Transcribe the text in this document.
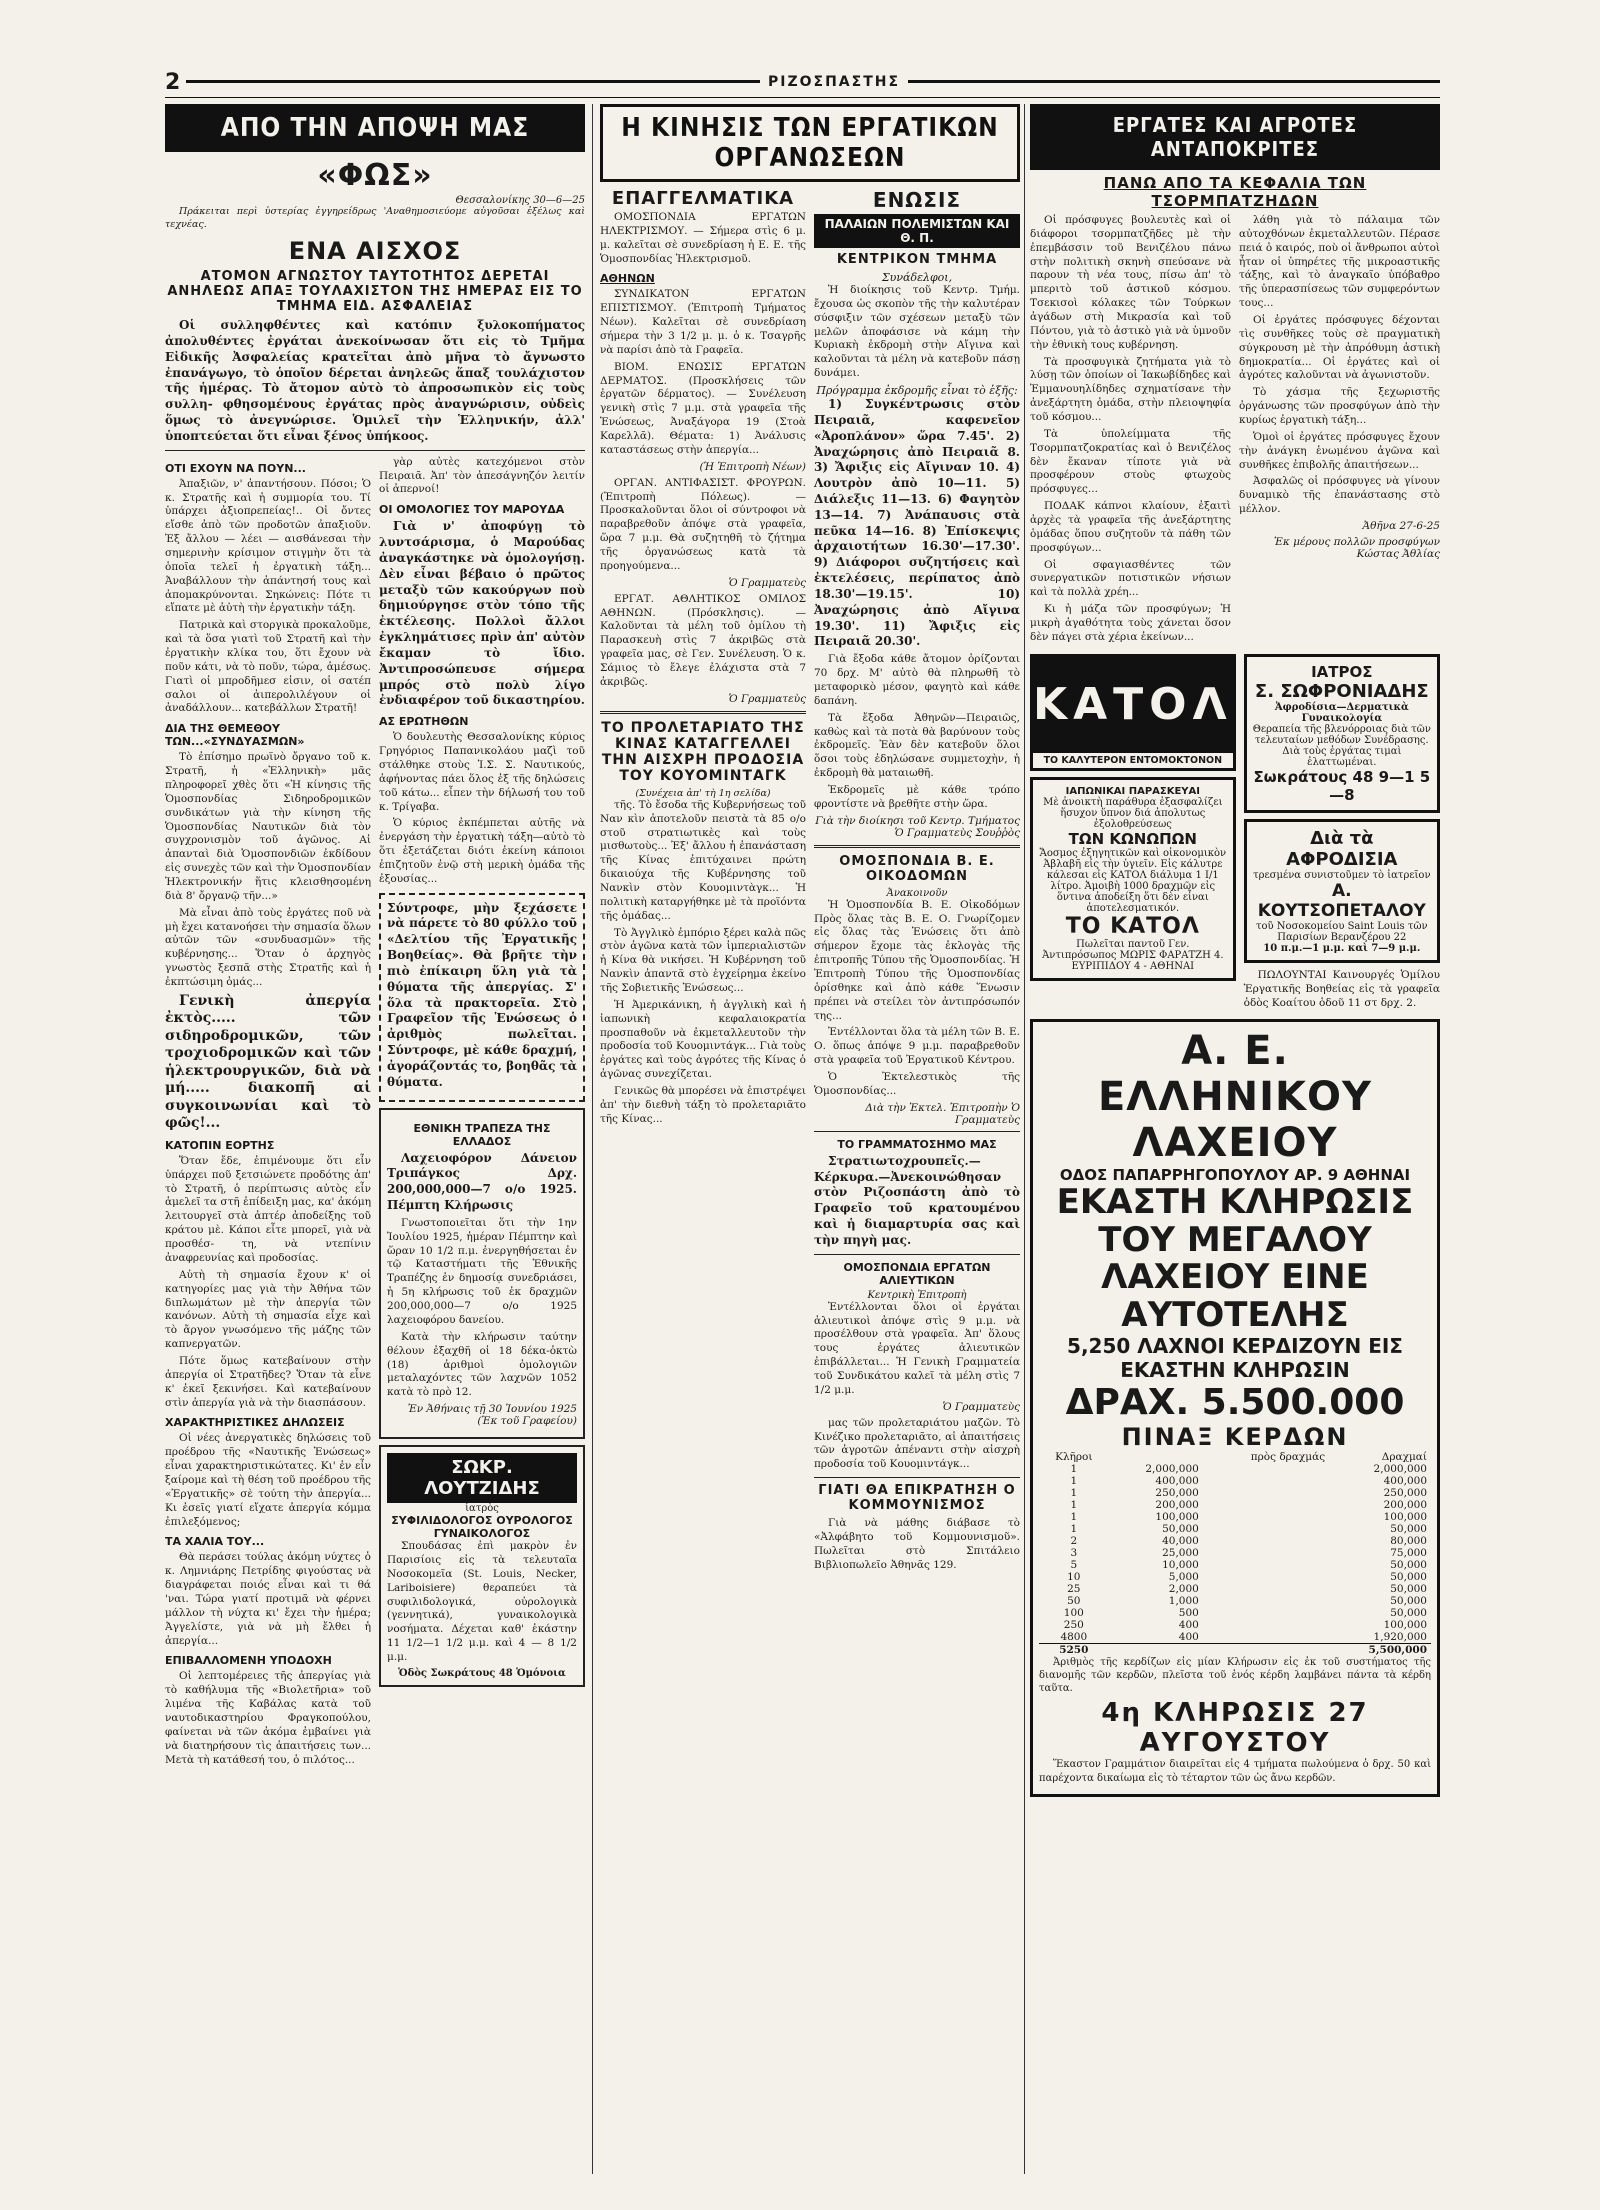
2	ΡΙΖΟΣΠΑΣΤΗΣ
ΑΠΟ ΤΗΝ ΑΠΟΨΗ ΜΑΣ
«ΦΩΣ»
Θεσσαλονίκης 30—6—25

Πράκειται περὶ ὑστερίας ἐγγηρείδρως 'Αναθημοσιεύομε αὐγοῦσαι ἐξέλως καὶ τεχνέας.

ΕΝΑ ΑΙΣΧΟΣ
ΑΤΟΜΟΝ ΑΓΝΩΣΤΟΥ ΤΑΥΤΟΤΗΤΟΣ ΔΕΡΕΤΑΙ ΑΝΗΛΕΩΣ ΑΠΑΞ ΤΟΥΛΑΧΙΣΤΟΝ ΤΗΣ ΗΜΕΡΑΣ ΕΙΣ ΤΟ ΤΜΗΜΑ ΕΙΔ. ΑΣΦΑΛΕΙΑΣ

Οἱ συλληφθέντες καὶ κατόπιν ξυλοκοπήματος ἀπολυθέντες ἐργάται ἀνεκοίνωσαν ὅτι εἰς τὸ Τμῆμα Εἰδικῆς Ἀσφαλείας κρατεῖται ἀπὸ μῆνα τὸ ἄγνωστο ἐπανάγωγο, τὸ ὁποῖον δέρεται ἀνηλεῶς ἅπαξ τουλάχιστον τῆς ἡμέρας. Τὸ ἄτομον αὐτὸ τὸ ἀπροσωπικὸν εἰς τοὺς συλλη- φθησομένους ἐργάτας πρὸς ἀναγνώρισιν, οὐδεὶς ὅμως τὸ ἀνεγνώρισε. Ὁμιλεῖ τὴν Ἑλληνικήν, ἀλλ' ὑποπτεύεται ὅτι εἶναι ξένος ὑπήκοος.

ΟΤΙ ΕΧΟΥΝ ΝΑ ΠΟΥΝ...

Ἀπαξιῶν, ν' ἀπαντήσουν. Πόσοι; Ὁ κ. Στρατῆς καὶ ἡ συμμορία του. Τί ὑπάρχει ἀξιοπρεπείας!.. Οἱ ὄντες εἴσθε ἀπὸ τῶν προδοτῶν ἀπαξιοῦν. Ἐξ ἄλλου — λέει — αισθάνεσαι τὴν σημερινὴν κρίσιμον στιγμὴν ὅτι τὰ ὁποῖα τελεῖ ἡ ἐργατικὴ τάξη... Ἀναβάλλουν τὴν ἀπάντησή τους καὶ ἀπομακρύνονται. Σηκώνεις: Πότε τι εἴπατε μὲ ἀὐτὴ τὴν ἐργατικὴν τάξη.

Πατρικὰ καὶ στοργικὰ προκαλοῦμε, καὶ τὰ ὅσα γιατὶ τοῦ Στρατῆ καὶ τὴν ἐργατικὴν κλίκα του, ὅτι ἔχουν νὰ ποῦν κάτι, νὰ τὸ ποῦν, τώρα, ἀμέσως. Γιατὶ οἱ μπροδῆμεσ εἰσιν, οἱ σατέπ σαλοι οἱ ἀιπερολιλέγουν οἱ ἀναδάλλουν... κατεβάλλων Στρατῆ!

ΔΙΑ ΤΗΣ ΘΕΜΕΘΟΥ ΤΩΝ...«ΣΥΝΔΥΑΣΜΩΝ»

Τὸ ἐπίσημο πρωϊνὸ ὄργανο τοῦ κ. Στρατῆ, ἡ «Ἑλληνικὴ» μᾶς πληροφορεῖ χθὲς ὅτι «Ἡ κίνησις τῆς Ὁμοσπονδίας Σιδηροδρομικῶν συνδικάτων γιὰ τὴν κίνηση τῆς Ὁμοσπονδίας Ναυτικῶν διὰ τὸν συγχρονισμὸν τοῦ ἀγῶνος. Αἱ ἀπανταὶ διὰ Ὁμοσπονδιῶν ἐκδίδουν εἰς συνεχὲς τῶν καὶ τὴν Ὁμοσπονδίαν Ἠλεκτρονικήν ἥτις κλεισθησομένη διὰ 8' ὄργανῷ τῆν...»

Μὰ εἶναι ἀπὸ τοὺς ἐργάτες ποῦ νὰ μὴ ἔχει κατανοήσει τὴν σημασία ὅλων αὐτῶν τῶν «συνδυασμῶν» τῆς κυβέρνησης... Ὅταν ὁ ἀρχηγὸς γνωστὸς ξεσπᾶ στὴς Στρατῆς καὶ ἡ ἐκπτώσιμη ὁμάς...

Γενικὴ ἀπεργία ἐκτὸς..... τῶν σιδηροδρομικῶν, τῶν τροχιοδρομικῶν καὶ τῶν ἡλεκτρουργικῶν, διὰ νὰ μή..... διακοπῆ αἱ συγκοινωνίαι καὶ τὸ φῶς!...

ΚΑΤΟΠΙΝ ΕΟΡΤΗΣ

Ὅταν ἔδε, ἐπιμένουμε ὅτι εἶν ὑπάρχει ποῦ ξετσιώνετε προδότης ἀπ' τὸ Στρατῆ, ὁ περίπτωσις αὐτὸς εἶν ἁμελεῖ τα στῆ ἐπίδειξη μας, κα' ἀκόμη λειτουργεῖ στὰ ἀπτέρ ἀποδείξης τοῦ κράτου μὲ. Κάποι εἶτε μπορεῖ, γιὰ νὰ προσθέσ- τη, νὰ ντεπίνιν ἀναφρευνίας καὶ προδοσίας.

Αὐτὴ τὴ σημασία ἔχουν κ' οἱ κατηγορίες μας γιὰ τὴν Ἀθήνα τῶν διπλωμάτων μὲ τὴν ἀπεργία τῶν κανόνων. Αὐτὴ τὴ σημασία εἶχε καὶ τὸ ἄργον γνωσόμενο τῆς μάζης τῶν καπνεργατῶν.

Πότε ὅμως κατεβαίνουν στὴν ἀπεργία οἱ Στρατῆδες? Ὅταν τὰ εἶνε κ' ἐκεῖ ξεκινήσει. Καὶ κατεβαίνουν στὶν ἀπεργία γιὰ νὰ τὴν διασπάσουν.

ΧΑΡΑΚΤΗΡΙΣΤΙΚΕΣ ΔΗΛΩΣΕΙΣ

Οἱ νέες ἀνεργατικὲς δηλώσεις τοῦ προέδρου τῆς «Ναυτικῆς Ἑνώσεως» εἶναι χαρακτηριστικώτατες. Κι' ἐν εἶν ξαίρομε καὶ τὴ θέση τοῦ προέδρου τῆς «Ἐργατικῆς» σὲ τούτη τὴν ἀπεργία... Κι ἐσεῖς γιατί εἴχατε ἀπεργία κόμμα ἐπιλεξόμενος;

ΤΑ ΧΑΛΙΑ ΤΟΥ...

Θὰ περάσει τούλας ἀκόμη νύχτες ὁ κ. Λημνιάρης Πετρίδης φιγούστας νὰ διαγράφεται ποιός εἶναι καὶ τι θά 'ναι. Τώρα γιατί προτιμᾶ νὰ φέρνει μάλλον τὴ νύχτα κι' ἔχει τὴν ἡμέρα; Ἀγγελίστε, γιὰ νὰ μὴ ἔλθει ἡ ἀπεργία...

ΕΠΙΒΑΛΛΟΜΕΝΗ ΥΠΟΔΟΧΗ

Οἱ λεπτομέρειες τῆς ἀπεργίας γιὰ τὸ καθήλυμα τῆς «Βιολετῆρια» τοῦ λιμένα τῆς Καβάλας κατὰ τοῦ ναυτοδικαστηρίου Φραγκοπούλου, φαίνεται νὰ τῶν ἀκόμα ἐμβαίνει γιὰ νὰ διατηρήσουν τὶς ἀπαιτήσεις των... Μετὰ τὴ κατάθεσή του, ὁ πιλότος...

γὰρ αὐτὲς κατεχόμενοι στὸν Πειραιᾶ. Ἀπ' τὸν ἀπεσάγνηζόν λειτίν οἱ ἀπερνοί!

ΟΙ ΟΜΟΛΟΓΙΕΣ ΤΟΥ ΜΑΡΟΥΔΑ

Γιὰ ν' ἀποφύγῃ τὸ λυντσάρισμα, ὁ Μαρούδας ἀναγκάστηκε νὰ ὁμολογήσῃ. Δὲν εἶναι βέβαιο ὁ πρῶτος μεταξὺ τῶν κακούργων ποὺ δημιούργησε στὸν τόπο τῆς ἐκτέλεσης. Πολλοὶ ἄλλοι ἐγκλημάτισες πρὶν ἀπ' αὐτὸν ἔκαμαν τὸ ἴδιο. Ἀντιπροσώπευσε σήμερα μπρός στὸ πολὺ λίγο ἐνδιαφέρον τοῦ δικαστηρίου.

ΑΣ ΕΡΩΤΗΘΩΝ

Ὁ δουλευτὴς Θεσσαλονίκης κύριος Γρηγόριος Παπανικολάου μαζὶ τοῦ στάλθηκε στοὺς Ἰ.Σ. Σ. Ναυτικούς, ἀφήνοντας πάει ὅλος ἐξ τῆς δηλώσεις τοῦ κάτω... εἶπεν τὴν δήλωσή του τοῦ κ. Τρίγαβα.

Ὁ κύριος ἐκπέμπεται αὐτῆς νὰ ἐνεργάση τὴν ἐργατικὴ τάξη—αὐτὸ τὸ ὅτι ἐξετάζεται διότι ἐκείνη κάποιοι ἐπιζητοῦν ἐνῷ στὴ μερικὴ ὁμάδα τῆς ἐξουσίας...

Σύντροφε, μὴν ξεχάσετε νὰ πάρετε τὸ 80 φύλλο τοῦ «Δελτίου τῆς Ἐργατικῆς Βοηθείας». Θὰ βρῆτε τὴν πιὸ ἐπίκαιρη ὕλη γιὰ τὰ θύματα τῆς ἀπεργίας. Σ' ὅλα τὰ πρακτορεῖα. Στὸ Γραφεῖον τῆς Ἑνώσεως ὁ ἀριθμὸς πωλεῖται. Σύντροφε, μὲ κάθε δραχμή, ἀγοράζοντάς το, βοηθᾶς τὰ θύματα.

ΕΘΝΙΚΗ ΤΡΑΠΕΖΑ ΤΗΣ ΕΛΛΑΔΟΣ

Λαχειοφόρον Δάνειον Τριπάγκος Δρχ. 200,000,000—7 ο/ο 1925. Πέμπτη Κλήρωσις

Γνωστοποιεῖται ὅτι τὴν 1ην Ἰουλίου 1925, ἡμέραν Πέμπτην καὶ ὥραν 10 1/2 π.μ. ἐνεργηθήσεται ἐν τῷ Καταστήματι τῆς Ἐθνικῆς Τραπέζης ἐν δημοσίᾳ συνεδριάσει, ἡ 5η κλήρωσις τοῦ ἐκ δραχμῶν 200,000,000—7 ο/ο 1925 λαχειοφόρου δανείου.

Κατὰ τὴν κλήρωσιν ταύτην θέλουν ἐξαχθῆ οἱ 18 δέκα-ὀκτὼ (18) ἀριθμοὶ ὁμολογιῶν μεταλαχόντες τῶν λαχνῶν 1052 κατὰ τὸ πρὸ 12.

Ἐν Ἀθήναις τῇ 30 Ἰουνίου 1925 (Ἐκ τοῦ Γραφείου)
ΣΩΚΡ. ΛΟΥΤΖΙΔΗΣ
ἰατρὸς
ΣΥΦΙΛΙΔΟΛΟΓΟΣ ΟΥΡΟΛΟΓΟΣ ΓΥΝΑΙΚΟΛΟΓΟΣ

Σπουδάσας ἐπὶ μακρὸν ἐν Παρισίοις εἰς τὰ τελευταῖα Νοσοκομεῖα (St. Louis, Necker, Lariboisiere) θεραπεύει τὰ συφιλιδολογικά, οὐρολογικὰ (γεννητικά), γυναικολογικὰ νοσήματα. Δέχεται καθ' ἑκάστην 11 1/2—1 1/2 μ.μ. καὶ 4 — 8 1/2 μ.μ.

Ὁδὸς Σωκράτους 48 Ὁμόνοια
Η ΚΙΝΗΣΙΣ ΤΩΝ ΕΡΓΑΤΙΚΩΝ ΟΡΓΑΝΩΣΕΩΝ
ΕΠΑΓΓΕΛΜΑΤΙΚΑ

ΟΜΟΣΠΟΝΔΙΑ ΕΡΓΑΤΩΝ ΗΛΕΚΤΡΙΣΜΟΥ. — Σήμερα στὶς 6 μ. μ. καλεῖται σὲ συνεδρίαση ἡ Ε. Ε. τῆς Ὁμοσπονδίας Ἠλεκτρισμοῦ.

ΑΘΗΝΩΝ

ΣΥΝΔΙΚΑΤΟΝ ΕΡΓΑΤΩΝ ΕΠΙΣΤΙΣΜΟΥ. (Ἐπιτροπὴ Τμήματος Νέων). Καλεῖται σὲ συνεδρίαση σήμερα τὴν 3 1/2 μ. μ. ὁ κ. Τσαγρῆς νὰ παρίσι ἀπὸ τὰ Γραφεῖα.

ΒΙΟΜ. ΕΝΩΣΙΣ ΕΡΓΑΤΩΝ ΔΕΡΜΑΤΟΣ. (Προσκλήσεις τῶν ἐργατῶν δέρματος). — Συνέλευση γενικὴ στὶς 7 μ.μ. στὰ γραφεῖα τῆς Ἑνώσεως, Ἀναξάγορα 19 (Στοὰ Καρελλᾶ). Θέματα: 1) Ἀνάλυσις καταστάσεως στὴν ἀπεργία...

(Ἡ Ἐπιτροπὴ Νέων)

ΟΡΓΑΝ. ΑΝΤΙΦΑΣΙΣΤ. ΦΡΟΥΡΩΝ. (Ἐπιτροπὴ Πόλεως). — Προσκαλοῦνται ὅλοι οἱ σύντροφοι νὰ παραβρεθοῦν ἀπόψε στὰ γραφεῖα, ὥρα 7 μ.μ. Θὰ συζητηθῆ τὸ ζήτημα τῆς ὀργανώσεως κατὰ τὰ προηγούμενα...

Ὁ Γραμματεὺς

ΕΡΓΑΤ. ΑΘΛΗΤΙΚΟΣ ΟΜΙΛΟΣ ΑΘΗΝΩΝ. (Πρόσκλησις). — Καλοῦνται τὰ μέλη τοῦ ὁμίλου τὴ Παρασκευὴ στὶς 7 ἀκριβῶς στὰ γραφεῖα μας, σὲ Γεν. Συνέλευση. Ὁ κ. Σάμιος τὸ ἔλεγε ἐλάχιστα στὰ 7 ἀκριβῶς.

Ὁ Γραμματεὺς
ΤΟ ΠΡΟΛΕΤΑΡΙΑΤΟ ΤΗΣ ΚΙΝΑΣ ΚΑΤΑΓΓΕΛΛΕΙ ΤΗΝ ΑΙΣΧΡΗ ΠΡΟΔΟΣΙΑ ΤΟΥ ΚΟΥΟΜΙΝΤΑΓΚ
(Συνέχεια ἀπ' τὴ 1η σελίδα)

τῆς. Τὸ ἔσοδα τῆς Κυβερνήσεως τοῦ Ναν κὶν ἀποτελοῦν πειστὰ τὰ 85 ο/ο στοῦ στρατιωτικὲς καὶ τοὺς μισθωτοὺς... Ἐξ' ἄλλου ἡ ἐπανάσταση τῆς Κίνας ἐπιτύχαινει πρώτη δικαιούχα τῆς Κυβέρνησης τοῦ Νανκὶν στὸν Κουομιντὰγκ... Ἡ πολιτικὴ καταργήθηκε μὲ τὰ προϊόντα τῆς ὁμάδας...

Τὸ Ἀγγλικὸ ἐμπόριο ξέρει καλὰ πῶς στὸν ἀγῶνα κατὰ τῶν ἰμπεριαλιστῶν ἡ Κίνα θὰ νικήσει. Ἡ Κυβέρνηση τοῦ Νανκὶν ἀπαντᾶ στὸ ἐγχείρημα ἐκείνο τῆς Σοβιετικῆς Ἑνώσεως...

Ἡ Ἀμερικάνικη, ἡ ἀγγλικὴ καὶ ἡ ἰαπωνικὴ κεφαλαιοκρατία προσπαθοῦν νὰ ἐκμεταλλευτοῦν τὴν προδοσία τοῦ Κουομιντάγκ... Γιὰ τοὺς ἐργάτες καὶ τοὺς ἀγρότες τῆς Κίνας ὁ ἀγῶνας συνεχίζεται.

Γενικῶς θὰ μπορέσει νὰ ἐπιστρέψει ἀπ' τὴν διεθνὴ τάξη τὸ προλεταριᾶτο τῆς Κίνας...

ΕΝΩΣΙΣ
ΠΑΛΑΙΩΝ ΠΟΛΕΜΙΣΤΩΝ ΚΑΙ Θ. Π.
ΚΕΝΤΡΙΚΟΝ ΤΜΗΜΑ
Συνάδελφοι,

Ἡ διοίκησις τοῦ Κεντρ. Τμήμ. ἔχουσα ὡς σκοπὸν τῆς τὴν καλυτέραν σύσφιξιν τῶν σχέσεων μεταξὺ τῶν μελῶν ἀποφάσισε νὰ κάμη τὴν Κυριακὴ ἐκδρομὴ στὴν Αἴγινα καὶ καλοῦνται τὰ μέλη νὰ κατεβοῦν πάσῃ δυνάμει.

Πρόγραμμα ἐκδρομῆς εἶναι τὸ ἑξῆς:

1) Συγκέντρωσις στὸν Πειραιᾶ, καφενεῖον «Ἀροπλάνον» ὥρα 7.45'. 2) Ἀναχώρησις ἀπὸ Πειραιᾶ 8. 3) Ἄφιξις εἰς Αἴγιναν 10. 4) Λουτρὸν ἀπὸ 10—11. 5) Διάλεξις 11—13. 6) Φαγητὸν 13—14. 7) Ἀνάπαυσις στὰ πεῦκα 14—16. 8) Ἐπίσκεψις ἀρχαιοτήτων 16.30'—17.30'. 9) Διάφοροι συζητήσεις καὶ ἐκτελέσεις, περίπατος ἀπὸ 18.30'—19.15'. 10) Ἀναχώρησις ἀπὸ Αἴγινα 19.30'. 11) Ἄφιξις εἰς Πειραιᾶ 20.30'.

Γιὰ ἔξοδα κάθε ἄτομον ὁρίζονται 70 δρχ. Μ' αὐτὸ θὰ πληρωθῆ τὸ μεταφορικὸ μέσον, φαγητὸ καὶ κάθε δαπάνη.

Τὰ ἔξοδα Ἀθηνῶν—Πειραιῶς, καθὼς καὶ τὰ ποτὰ θὰ βαρύνουν τοὺς ἐκδρομεῖς. Ἐὰν δὲν κατεβοῦν ὅλοι ὅσοι τοὺς ἐδηλώσανε συμμετοχὴν, ἡ ἐκδρομὴ θὰ ματαιωθῆ.

Ἐκδρομεῖς μὲ κάθε τρόπο φροντίστε νὰ βρεθῆτε στὴν ὥρα.

Γιὰ τὴν διοίκησι τοῦ Κεντρ. Τμήματος Ὁ Γραμματεὺς Σουῤῥὸς
ΟΜΟΣΠΟΝΔΙΑ Β. Ε. ΟΙΚΟΔΟΜΩΝ
Ἀνακοινοῦν

Ἡ Ὁμοσπονδία Β. Ε. Οἰκοδόμων Πρὸς ὅλας τὰς Β. Ε. Ο. Γνωρίζομεν εἰς ὅλας τὰς Ἑνώσεις ὅτι ἀπὸ σήμερον ἔχομε τὰς ἐκλογὰς τῆς ἐπιτροπῆς Τύπου τῆς Ὁμοσπονδίας. Ἡ Ἐπιτροπὴ Τύπου τῆς Ὁμοσπονδίας ὁρίσθηκε καὶ ἀπὸ κάθε Ἕνωσιν πρέπει νὰ στείλει τὸν ἀντιπρόσωπόν της...

Ἐντέλλονται ὅλα τὰ μέλη τῶν Β. Ε. Ο. ὅπως ἀπόψε 9 μ.μ. παραβρεθοῦν στὰ γραφεῖα τοῦ Ἐργατικοῦ Κέντρου.

Ὁ Ἐκτελεστικὸς τῆς Ὁμοσπονδίας...

Διὰ τὴν Ἐκτελ. Ἐπιτροπὴν Ὁ Γραμματεὺς
ΤΟ ΓΡΑΜΜΑΤΟΣΗΜΟ ΜΑΣ

Στρατιωτοχρουπεῖς.—Κέρκυρα.—Ἀνεκοινώθησαν στὸν Ριζοσπάστη ἀπὸ τὸ Γραφεῖο τοῦ κρατουμένου καὶ ἡ διαμαρτυρία σας καὶ τὴν πηγὴ μας.

ΟΜΟΣΠΟΝΔΙΑ ΕΡΓΑΤΩΝ ΑΛΙΕΥΤΙΚΩΝ
Κεντρικὴ Ἐπιτροπὴ

Ἐντέλλονται ὅλοι οἱ ἐργάται ἁλιευτικοὶ ἀπόψε στὶς 9 μ.μ. νὰ προσέλθουν στὰ γραφεῖα. Ἀπ' ὅλους τους ἐργάτες ἁλιευτικῶν ἐπιβάλλεται... Ἡ Γενικὴ Γραμματεία τοῦ Συνδικάτου καλεῖ τὰ μέλη στὶς 7 1/2 μ.μ.

Ὁ Γραμματεὺς

μας τῶν προλεταριάτου μαζῶν. Τὸ Κινέζικο προλεταριᾶτο, αἱ ἀπαιτήσεις τῶν ἀγροτῶν ἀπέναντι στὴν αἰσχρὴ προδοσία τοῦ Κουομιντάγκ...

ΓΙΑΤΙ ΘΑ ΕΠΙΚΡΑΤΗΣΗ Ο ΚΟΜΜΟΥΝΙΣΜΟΣ

Γιὰ νὰ μάθης διάβασε τὸ «Ἀλφάβητο τοῦ Κομμουνισμοῦ». Πωλεῖται στὸ Σπιτάλειο Βιβλιοπωλεῖο Ἀθηνᾶς 129.

ΕΡΓΑΤΕΣ ΚΑΙ ΑΓΡΟΤΕΣ ΑΝΤΑΠΟΚΡΙΤΕΣ
ΠΑΝΩ ΑΠΟ ΤΑ ΚΕΦΑΛΙΑ ΤΩΝ ΤΣΟΡΜΠΑΤΖΗΔΩΝ

Οἱ πρόσφυγες βουλευτὲς καὶ οἱ διάφοροι τσορμπατζῆδες μὲ τὴν ἐπεμβάσσιν τοῦ Βενιζέλου πάνω στὴν πολιτικὴ σκηνὴ σπεύσανε νὰ παρουν τὴ νέα τους, πίσω ἀπ' τὸ μπεριτὸ τοῦ ἀστικοῦ κόσμου. Τσεκισοὶ κόλακες τῶν Τούρκων ἀγάδων στὴ Μικρασία καὶ τοῦ Πόντου, γιὰ τὸ ἀστικὸ γιὰ νὰ ὑμνοῦν τὴν ἐθνικὴ τους κυβέρνηση.

Τὰ προσφυγικὰ ζητήματα γιὰ τὸ λύσῃ τῶν ὁποίων οἱ Ἰακωβίδηδες καὶ Ἐμμανουηλίδηδες σχηματίσανε τὴν ἀνεξάρτητη ὁμάδα, στὴν πλειοψηφία τοῦ κόσμου...

Τὰ ὑπολείμματα τῆς Τσορμπατζοκρατίας καὶ ὁ Βενιζέλος δὲν ἔκαναν τίποτε γιὰ νὰ προσφέρουν στοὺς φτωχοὺς πρόσφυγες...

ΠΟΔΑΚ κάπνοι κλαίουν, ἐξαιτὶ ἀρχὲς τὰ γραφεῖα τῆς ἀνεξάρτητης ὁμάδας ὅπου συζητοῦν τὰ πάθη τῶν προσφύγων...

Οἱ σφαγιασθέντες τῶν συνεργατικῶν ποτιστικῶν νήσιων καὶ τὰ πολλὰ χρέη...

Κι ἡ μάζα τῶν προσφύγων; Ἡ μικρὴ ἀγαθότητα τοὺς χάνεται ὅσον δὲν πάγει στὰ χέρια ἐκείνων...

λάθη γιὰ τὸ πάλαιμα τῶν αὐτοχθόνων ἐκμεταλλευτῶν. Πέρασε πειά ὁ καιρός, ποὺ οἱ ἄνθρωποι αὐτοὶ ἦταν οἱ ὑπηρέτες τῆς μικροαστικῆς τάξης, καὶ τὸ ἀναγκαῖο ὑπόβαθρο τῆς ὑπερασπίσεως τῶν συμφερόντων τους...

Οἱ ἐργάτες πρόσφυγες δέχονται τὶς συνθῆκες τοὺς σὲ πραγματικὴ σύγκρουση μὲ τὴν ἀπρόθυμη ἀστικὴ δημοκρατία... Οἱ ἐργάτες καὶ οἱ ἀγρότες καλοῦνται νὰ ἀγωνιστοῦν.

Τὸ χάσμα τῆς ξεχωριστῆς ὀργάνωσης τῶν προσφύγων ἀπὸ τὴν κυρίως ἐργατικὴ τάξη...

Ὁμοὶ οἱ ἐργάτες πρόσφυγες ἔχουν τὴν ἀνάγκη ἑνωμένου ἀγῶνα καὶ συνθῆκες ἐπιβολῆς ἀπαιτήσεων...

Ἀσφαλῶς οἱ πρόσφυγες νὰ γίνουν δυναμικὸ τῆς ἐπανάστασης στὸ μέλλον.

Ἀθῆνα 27-6-25
Ἐκ μέρους πολλῶν προσφύγων Κώστας Ἀθλίας
ΚΑΤΟΛ
ΤΟ ΚΑΛΥΤΕΡΟΝ ΕΝΤΟΜΟΚΤΟΝΟΝ
ΙΑΠΩΝΙΚΑΙ ΠΑΡΑΣΚΕΥΑΙ
Μὲ ἀνοικτὴ παράθυρα ἐξασφαλίζει ἥσυχον ὕπνον διά ἀπολυτως ἐξολοθρεύσεως
ΤΩΝ ΚΩΝΩΠΩΝ
Ἄοσμος ἐξηγητικῶν καὶ οἰκονομικὸν Ἀβλαβῆ εἰς τὴν ὑγιεῖν. Εἰς κάλυτρε κάλεσαι εἰς ΚΑΤΟΛ διάλυμα 1 Ι/1 λίτρο. Ἀμοιβὴ 1000 δραχμῶν εἰς ὅντινα ἀποδείξη ὅτι δὲν εἶναι ἀποτελεσματικόν.
ΤΟ ΚΑΤΟΛ
Πωλεῖται παντοῦ Γεν. Ἀντιπρόσωπος ΜΩΡΙΣ ΦΑΡΑΤΖΗ 4. ΕΥΡΙΠΙΔΟΥ 4 - ΑΘΗΝΑΙ
ΙΑΤΡΟΣ
Σ. ΣΩΦΡΟΝΙΑΔΗΣ
Ἀφροδίσια—Δερματικὰ Γυναικολογία
Θεραπεία τῆς βλενόρροιας διὰ τῶν τελευταίων μεθόδων Συνέδρασης. Διὰ τοὺς ἐργάτας τιμαὶ ἐλαττωμέναι.
Σωκράτους 48 9—1 5—8
Διὰ τὰ ΑΦΡΟΔΙΣΙΑ
τρεσμένα συνιστοῦμεν τὸ ἰατρεῖον
Α. ΚΟΥΤΣΟΠΕΤΑΛΟΥ
τοῦ Νοσοκομείου Saint Louis τῶν Παρισίων Βερανζέρου 22
10 π.μ.—1 μ.μ. καὶ 7—9 μ.μ.

ΠΩΛΟΥΝΤΑΙ Καινουργές Ὁμίλου Ἐργατικῆς Βοηθείας εἰς τὰ γραφεῖα ὁδὸς Κοαίτου ὁδοῦ 11 στ δρχ. 2.

Α. Ε. ΕΛΛΗΝΙΚΟΥ ΛΑΧΕΙΟΥ
ΟΔΟΣ ΠΑΠΑΡΡΗΓΟΠΟΥΛΟΥ ΑΡ. 9 ΑΘΗΝΑΙ
ΕΚΑΣΤΗ ΚΛΗΡΩΣΙΣ ΤΟΥ ΜΕΓΑΛΟΥ ΛΑΧΕΙΟΥ ΕΙΝΕ ΑΥΤΟΤΕΛΗΣ
5,250 ΛΑΧΝΟΙ ΚΕΡΔΙΖΟΥΝ ΕΙΣ ΕΚΑΣΤΗΝ ΚΛΗΡΩΣΙΝ
ΔΡΑΧ. 5.500.000
ΠΙΝΑΞ ΚΕΡΔΩΝ
Κλῆροι		πρὸς δραχμάς	Δραχμαί
1	2,000,000		2,000,000
1	400,000		400,000
1	250,000		250,000
1	200,000		200,000
1	100,000		100,000
1	50,000		50,000
2	40,000		80,000
3	25,000		75,000
5	10,000		50,000
10	5,000		50,000
25	2,000		50,000
50	1,000		50,000
100	500		50,000
250	400		100,000
4800	400		1,920,000
5250			5,500,000

Ἀριθμὸς τῆς κερδίζων εἰς μίαν Κλήρωσιν εἰς ἐκ τοῦ συστήματος τῆς διανομῆς τῶν κερδῶν, πλεῖστα τοῦ ἑνός κέρδη λαμβάνει πάντα τὰ κέρδη ταῦτα.

4η ΚΛΗΡΩΣΙΣ 27 ΑΥΓΟΥΣΤΟΥ

Ἕκαστον Γραμμάτιον διαιρεῖται εἰς 4 τμήματα πωλούμενα ὁ δρχ. 50 καὶ παρέχοντα δικαίωμα εἰς τὸ τέταρτον τῶν ὡς ἄνω κερδῶν.
